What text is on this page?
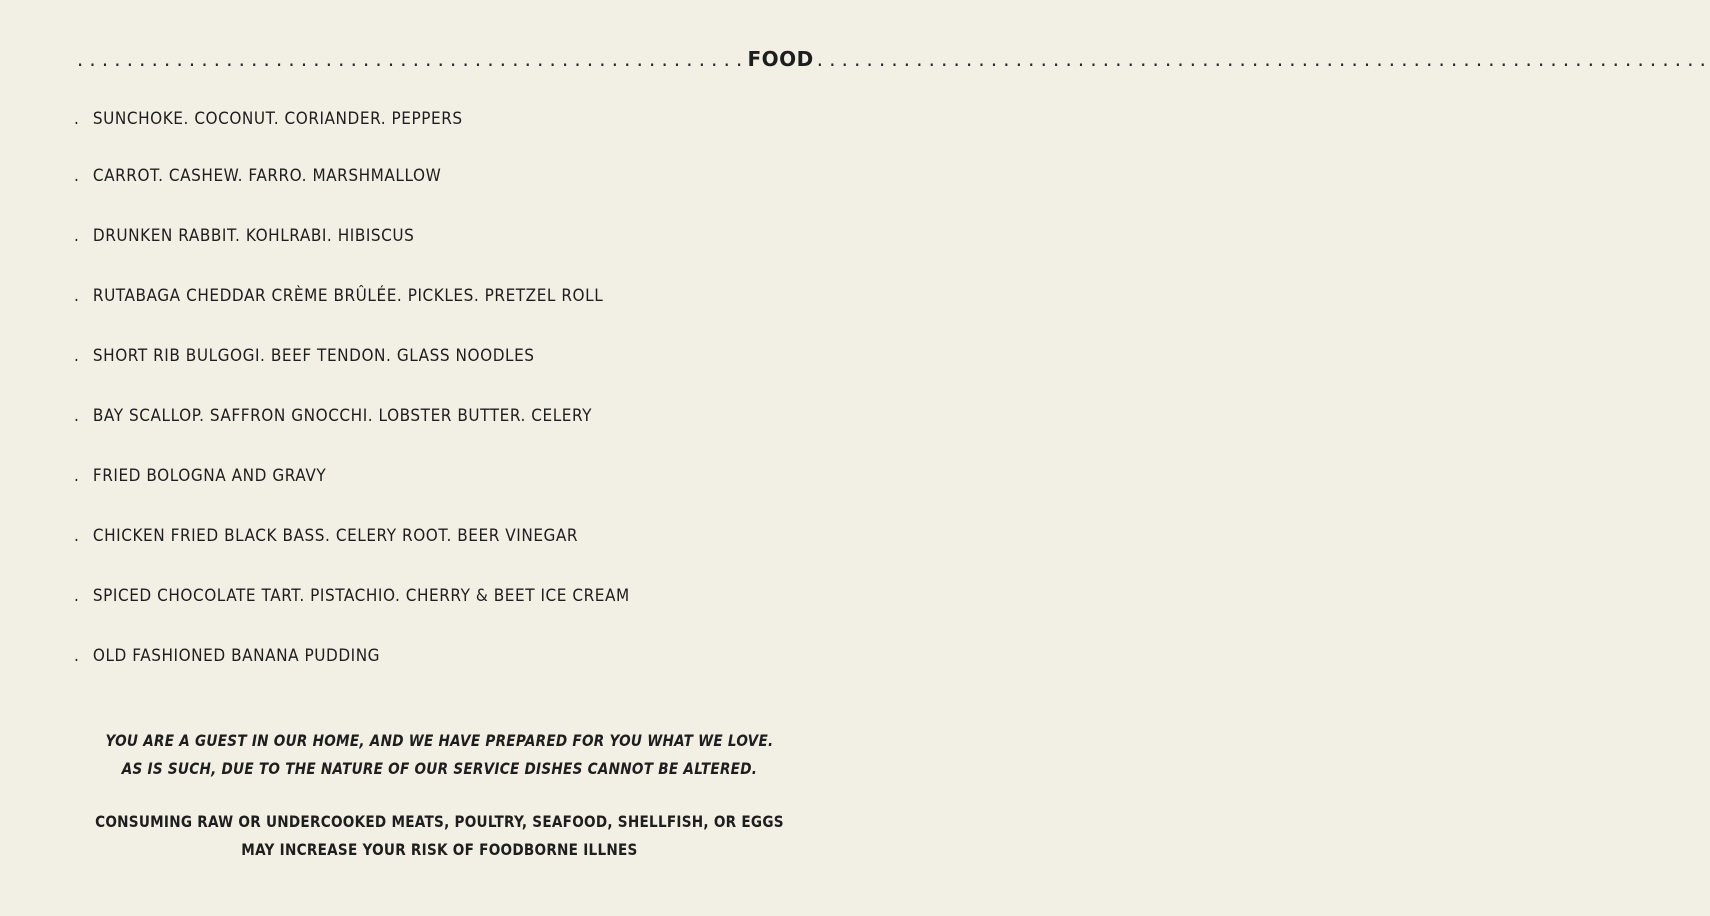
...................................................... FOOD ........................................................................
. SUNCHOKE. COCONUT. CORIANDER. PEPPERS
. CARROT. CASHEW. FARRO. MARSHMALLOW
. DRUNKEN RABBIT. KOHLRABI. HIBISCUS
. RUTABAGA CHEDDAR CRÈME BRÛLÉE. PICKLES. PRETZEL ROLL
. SHORT RIB BULGOGI. BEEF TENDON. GLASS NOODLES
. BAY SCALLOP. SAFFRON GNOCCHI. LOBSTER BUTTER. CELERY
. FRIED BOLOGNA AND GRAVY
. CHICKEN FRIED BLACK BASS. CELERY ROOT. BEER VINEGAR
. SPICED CHOCOLATE TART. PISTACHIO. CHERRY & BEET ICE CREAM
. OLD FASHIONED BANANA PUDDING
YOU ARE A GUEST IN OUR HOME, AND WE HAVE PREPARED FOR YOU WHAT WE LOVE.
AS IS SUCH, DUE TO THE NATURE OF OUR SERVICE DISHES CANNOT BE ALTERED.
CONSUMING RAW OR UNDERCOOKED MEATS, POULTRY, SEAFOOD, SHELLFISH, OR EGGS
MAY INCREASE YOUR RISK OF FOODBORNE ILLNES
